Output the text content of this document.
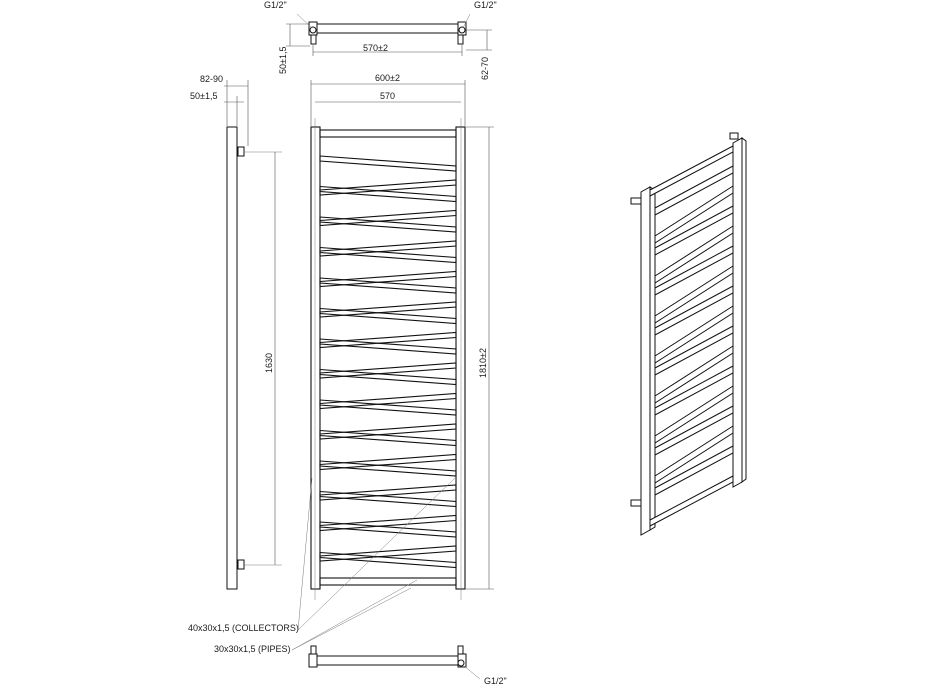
G1/2"	G1/2"
570±2
50±1,5	62-70
82-90
50±1,5
1630
600±2
570
1810±2
40x30x1,5 (COLLECTORS)
30x30x1,5 (PIPES)
G1/2"
